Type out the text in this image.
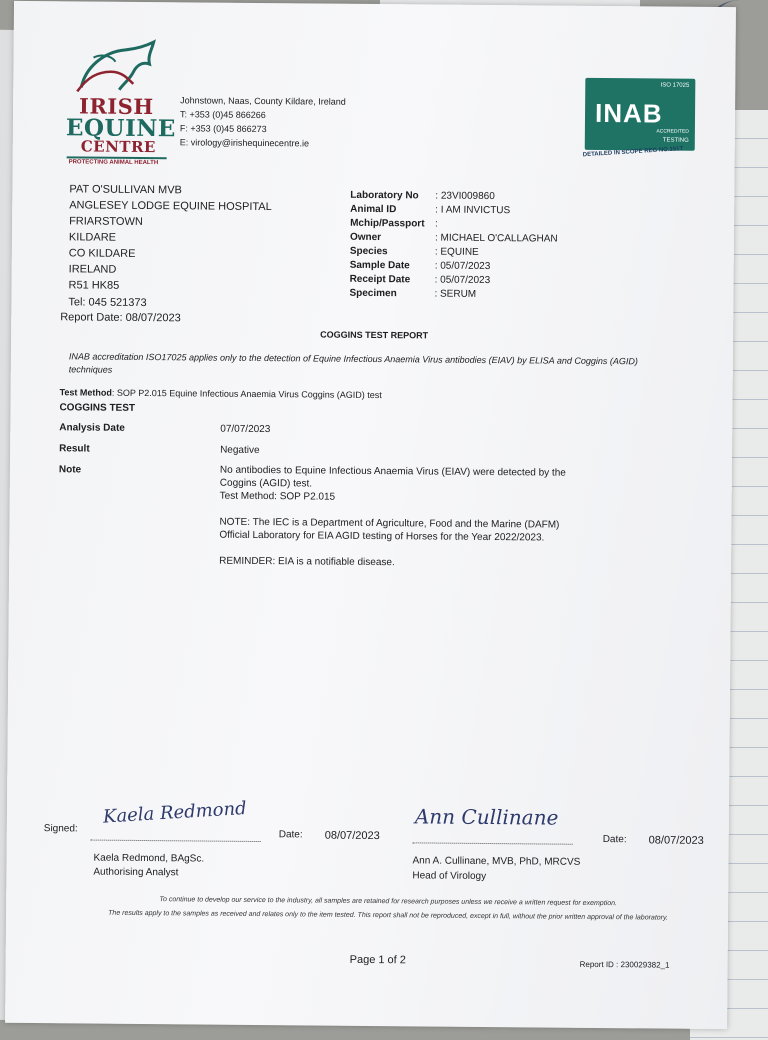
IRISH
EQUINE
CENTRE
PROTECTING ANIMAL HEALTH
Johnstown, Naas, County Kildare, Ireland
T: +353 (0)45 866266
F: +353 (0)45 866273
E: virology@irishequinecentre.ie
ISO 17025
INAB
ACCREDITED
TESTING
DETAILED IN SCOPE REG NO.151T
PAT O'SULLIVAN MVB
ANGLESEY LODGE EQUINE HOSPITAL
FRIARSTOWN
KILDARE
CO KILDARE
IRELAND
R51 HK85
Tel: 045 521373
Report Date: 08/07/2023
Laboratory No : 23VI009860
Animal ID	: I AM INVICTUS
Mchip/Passport :
Owner	: MICHAEL O'CALLAGHAN
Species	: EQUINE
Sample Date : 05/07/2023
Receipt Date : 05/07/2023
Specimen	: SERUM
COGGINS TEST REPORT
INAB accreditation ISO17025 applies only to the detection of Equine Infectious Anaemia Virus antibodies (EIAV) by ELISA and Coggins (AGID) techniques
Test Method: SOP P2.015 Equine Infectious Anaemia Virus Coggins (AGID) test
COGGINS TEST
Analysis Date	07/07/2023
Result	Negative
Note	No antibodies to Equine Infectious Anaemia Virus (EIAV) were detected by the Coggins (AGID) test.

Test Method: SOP P2.015

NOTE: The IEC is a Department of Agriculture, Food and the Marine (DAFM) Official Laboratory for EIA AGID testing of Horses for the Year 2022/2023.

REMINDER: EIA is a notifiable disease.

Signed:
Kaela Redmond
Date: 08/07/2023
Ann Cullinane
Date: 08/07/2023
Kaela Redmond, BAgSc.
Authorising Analyst
Ann A. Cullinane, MVB, PhD, MRCVS
Head of Virology
To continue to develop our service to the industry, all samples are retained for research purposes unless we receive a written request for exemption.
The results apply to the samples as received and relates only to the item tested. This report shall not be reproduced, except in full, without the prior written approval of the laboratory.
Page 1 of 2	Report ID : 230029382_1
